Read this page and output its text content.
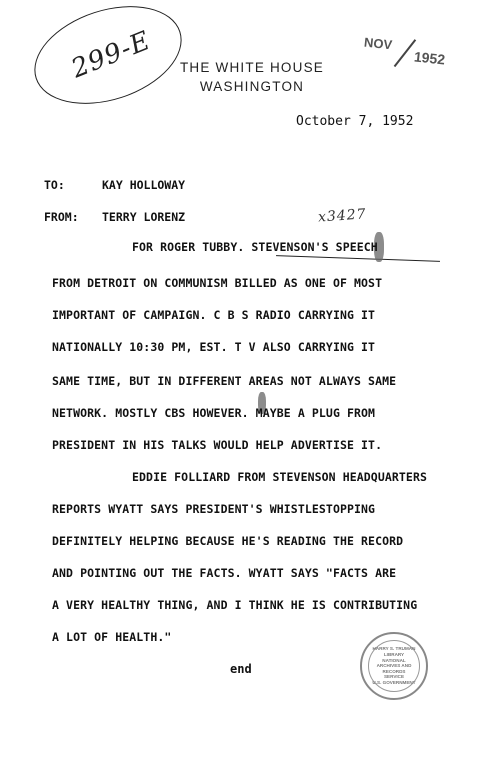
299-E	THE WHITE HOUSE
WASHINGTON
NOV
1952
October 7, 1952
TO:	KAY HOLLOWAY
FROM: TERRY LORENZ	x3427
FOR ROGER TUBBY. STEVENSON'S SPEECH
FROM DETROIT ON COMMUNISM BILLED AS ONE OF MOST
IMPORTANT OF CAMPAIGN. C B S RADIO CARRYING IT
NATIONALLY 10:30 PM, EST. T V ALSO CARRYING IT
SAME TIME, BUT IN DIFFERENT AREAS NOT ALWAYS SAME
NETWORK. MOSTLY CBS HOWEVER. MAYBE A PLUG FROM
PRESIDENT IN HIS TALKS WOULD HELP ADVERTISE IT.
EDDIE FOLLIARD FROM STEVENSON HEADQUARTERS
REPORTS WYATT SAYS PRESIDENT'S WHISTLESTOPPING
DEFINITELY HELPING BECAUSE HE'S READING THE RECORD
AND POINTING OUT THE FACTS. WYATT SAYS "FACTS ARE
A VERY HEALTHY THING, AND I THINK HE IS CONTRIBUTING
A LOT OF HEALTH."
end
HARRY S. TRUMAN LIBRARY
NATIONAL
ARCHIVES AND
RECORDS
SERVICE
U.S. GOVERNMENT
